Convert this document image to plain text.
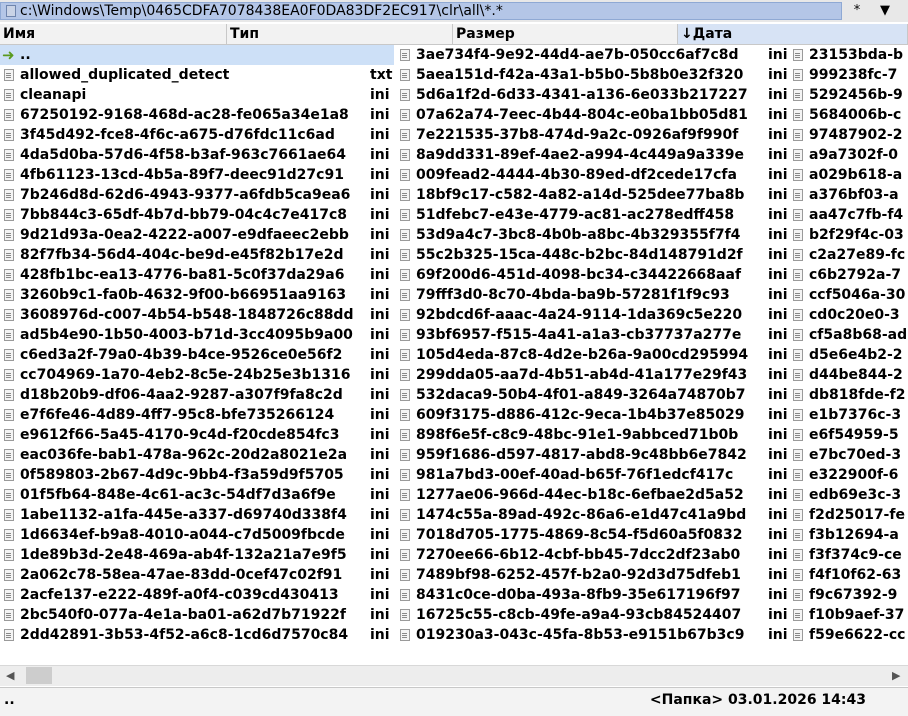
c:\Windows\Temp\0465CDFA7078438EA0F0DA83DF2EC917\clr\all\*.*	*	▼
Имя	Тип	Размер	↓Дата
➜ ..
allowed_duplicated_detect	txt
cleanapi	ini
67250192-9168-468d-ac28-fe065a34e1a8 ini
3f45d492-fce8-4f6c-a675-d76fdc11c6ad	ini
4da5d0ba-57d6-4f58-b3af-963c7661ae64 ini
4fb61123-13cd-4b5a-89f7-deec91d27c91 ini
7b246d8d-62d6-4943-9377-a6fdb5ca9ea6 ini
7bb844c3-65df-4b7d-bb79-04c4c7e417c8 ini
9d21d93a-0ea2-4222-a007-e9dfaeec2ebb ini
82f7fb34-56d4-404c-be9d-e45f82b17e2d ini
428fb1bc-ea13-4776-ba81-5c0f37da29a6 ini
3260b9c1-fa0b-4632-9f00-b66951aa9163 ini
3608976d-c007-4b54-b548-1848726c88dd ini
ad5b4e90-1b50-4003-b71d-3cc4095b9a00 ini
c6ed3a2f-79a0-4b39-b4ce-9526ce0e56f2 ini
cc704969-1a70-4eb2-8c5e-24b25e3b1316 ini
d18b20b9-df06-4aa2-9287-a307f9fa8c2d ini
e7f6fe46-4d89-4ff7-95c8-bfe735266124	ini
e9612f66-5a45-4170-9c4d-f20cde854fc3 ini
eac036fe-bab1-478a-962c-20d2a8021e2a ini
0f589803-2b67-4d9c-9bb4-f3a59d9f5705 ini
01f5fb64-848e-4c61-ac3c-54df7d3a6f9e ini
1abe1132-a1fa-445e-a337-d69740d338f4 ini
1d6634ef-b9a8-4010-a044-c7d5009fbcde ini
1de89b3d-2e48-469a-ab4f-132a21a7e9f5 ini
2a062c78-58ea-47ae-83dd-0cef47c02f91 ini
2acfe137-e222-489f-a0f4-c039cd430413 ini
2bc540f0-077a-4e1a-ba01-a62d7b71922f ini
2dd42891-3b53-4f52-a6c8-1cd6d7570c84 ini
3ae734f4-9e92-44d4-ae7b-050cc6af7c8d ini
5aea151d-f42a-43a1-b5b0-5b8b0e32f320 ini
5d6a1f2d-6d33-4341-a136-6e033b217227 ini
07a62a74-7eec-4b44-804c-e0ba1bb05d81 ini
7e221535-37b8-474d-9a2c-0926af9f990f ini
8a9dd331-89ef-4ae2-a994-4c449a9a339e ini
009fead2-4444-4b30-89ed-df2cede17cfa ini
18bf9c17-c582-4a82-a14d-525dee77ba8b ini
51dfebc7-e43e-4779-ac81-ac278edff458 ini
53d9a4c7-3bc8-4b0b-a8bc-4b329355f7f4 ini
55c2b325-15ca-448c-b2bc-84d148791d2f ini
69f200d6-451d-4098-bc34-c34422668aaf ini
79fff3d0-8c70-4bda-ba9b-57281f1f9c93	ini
92bdcd6f-aaac-4a24-9114-1da369c5e220 ini
93bf6957-f515-4a41-a1a3-cb37737a277e ini
105d4eda-87c8-4d2e-b26a-9a00cd295994 ini
299dda05-aa7d-4b51-ab4d-41a177e29f43 ini
532daca9-50b4-4f01-a849-3264a74870b7 ini
609f3175-d886-412c-9eca-1b4b37e85029 ini
898f6e5f-c8c9-48bc-91e1-9abbced71b0b ini
959f1686-d597-4817-abd8-9c48bb6e7842 ini
981a7bd3-00ef-40ad-b65f-76f1edcf417c ini
1277ae06-966d-44ec-b18c-6efbae2d5a52 ini
1474c55a-89ad-492c-86a6-e1d47c41a9bd ini
7018d705-1775-4869-8c54-f5d60a5f0832 ini
7270ee66-6b12-4cbf-bb45-7dcc2df23ab0 ini
7489bf98-6252-457f-b2a0-92d3d75dfeb1 ini
8431c0ce-d0ba-493a-8fb9-35e617196f97 ini
16725c55-c8cb-49fe-a9a4-93cb84524407 ini
019230a3-043c-45fa-8b53-e9151b67b3c9 ini
23153bda-b
999238fc-7
5292456b-9
5684006b-c
97487902-2
a9a7302f-0
a029b618-a
a376bf03-a
aa47c7fb-f4
b2f29f4c-03
c2a27e89-fc
c6b2792a-7
ccf5046a-30
cd0c20e0-3
cf5a8b68-ad
d5e6e4b2-2
d44be844-2
db818fde-f2
e1b7376c-3
e6f54959-5
e7bc70ed-3
e322900f-6
edb69e3c-3
f2d25017-fe
f3b12694-a
f3f374c9-ce
f4f10f62-63
f9c67392-9
f10b9aef-37
f59e6622-cc
◀	▶
..	<Папка> 03.01.2026 14:43
